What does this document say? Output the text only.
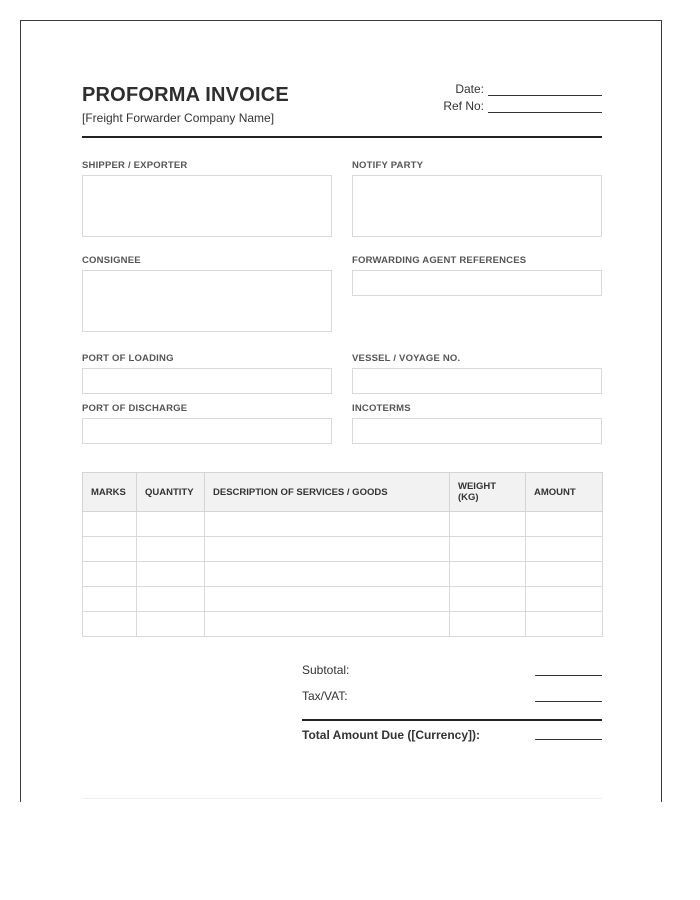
PROFORMA INVOICE
[Freight Forwarder Company Name]
Date:
Ref No:
SHIPPER / EXPORTER	NOTIFY PARTY
CONSIGNEE	FORWARDING AGENT REFERENCES
PORT OF LOADING	VESSEL / VOYAGE NO.
PORT OF DISCHARGE	INCOTERMS
MARKS	QUANTITY	DESCRIPTION OF SERVICES / GOODS	WEIGHT (KG)	AMOUNT

Subtotal:
Tax/VAT:
Total Amount Due ([Currency]):
